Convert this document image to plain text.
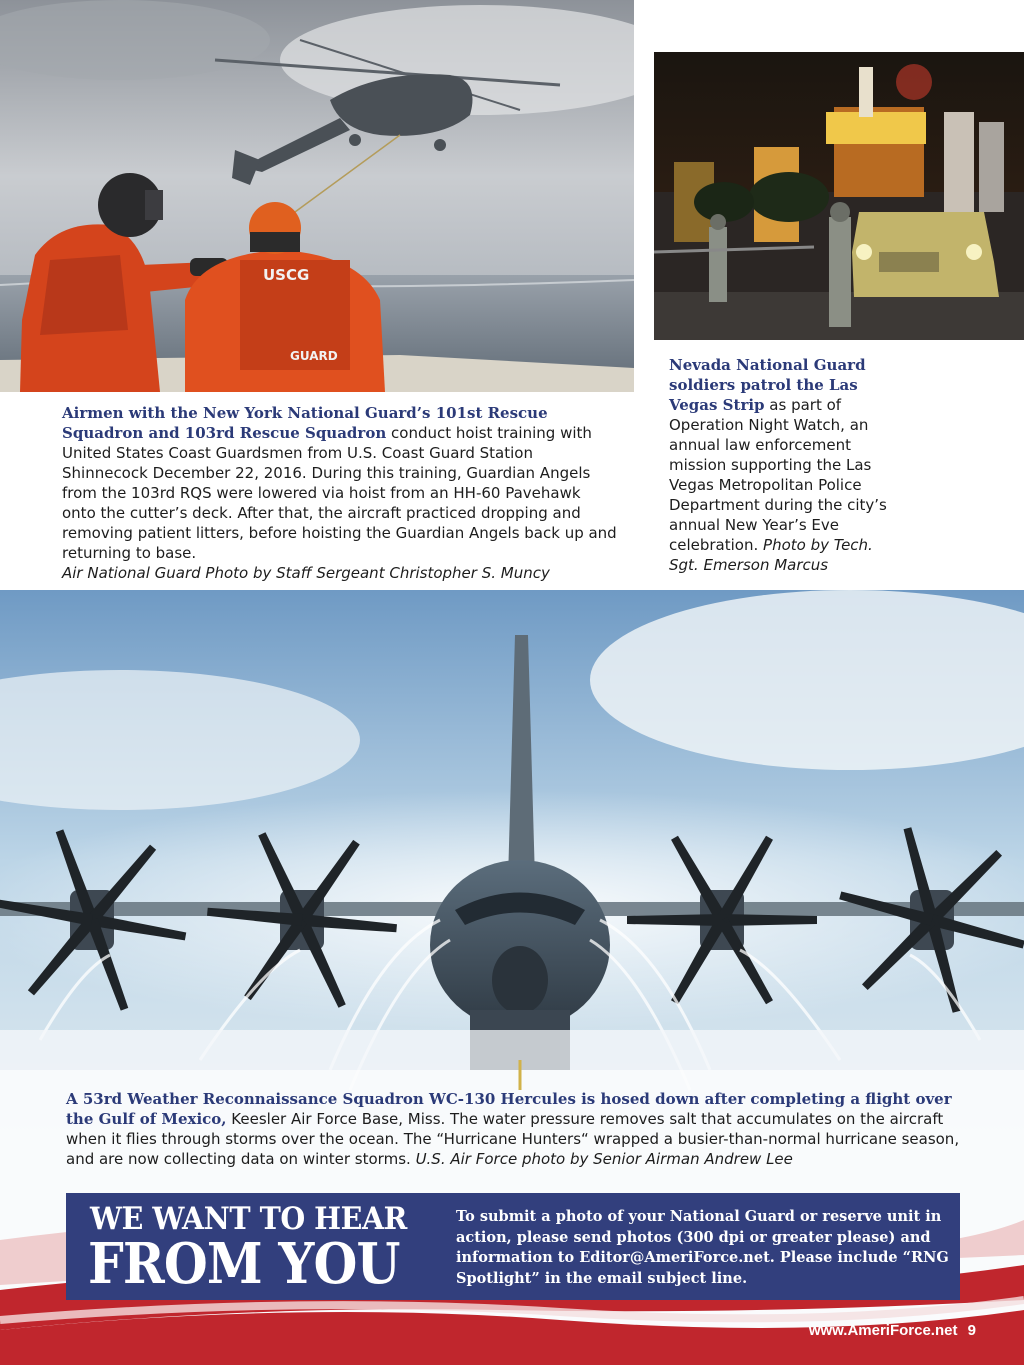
USCG
GUARD
Airmen with the New York National Guard’s 101st Rescue Squadron and 103rd Rescue Squadron conduct hoist training with United States Coast Guardsmen from U.S. Coast Guard Station Shinnecock December 22, 2016. During this training, Guardian Angels from the 103rd RQS were lowered via hoist from an HH-60 Pavehawk onto the cutter’s deck. After that, the aircraft practiced dropping and removing patient litters, before hoisting the Guardian Angels back up and returning to base.
Air National Guard Photo by Staff Sergeant Christopher S. Muncy
Nevada National Guard soldiers patrol the Las Vegas Strip as part of Operation Night Watch, an annual law enforcement mission supporting the Las Vegas Metropolitan Police Department during the city’s annual New Year’s Eve celebration. Photo by Tech. Sgt. Emerson Marcus
A 53rd Weather Reconnaissance Squadron WC-130 Hercules is hosed down after completing a flight over the Gulf of Mexico, Keesler Air Force Base, Miss. The water pressure removes salt that accumulates on the aircraft when it flies through storms over the ocean. The “Hurricane Hunters“ wrapped a busier-than-normal hurricane season, and are now collecting data on winter storms. U.S. Air Force photo by Senior Airman Andrew Lee
WE WANT TO HEAR
FROM YOU
To submit a photo of your National Guard or reserve unit in action, please send photos (300 dpi or greater please) and information to Editor@AmeriForce.net. Please include “RNG Spotlight” in the email subject line.
www.AmeriForce.net 9
